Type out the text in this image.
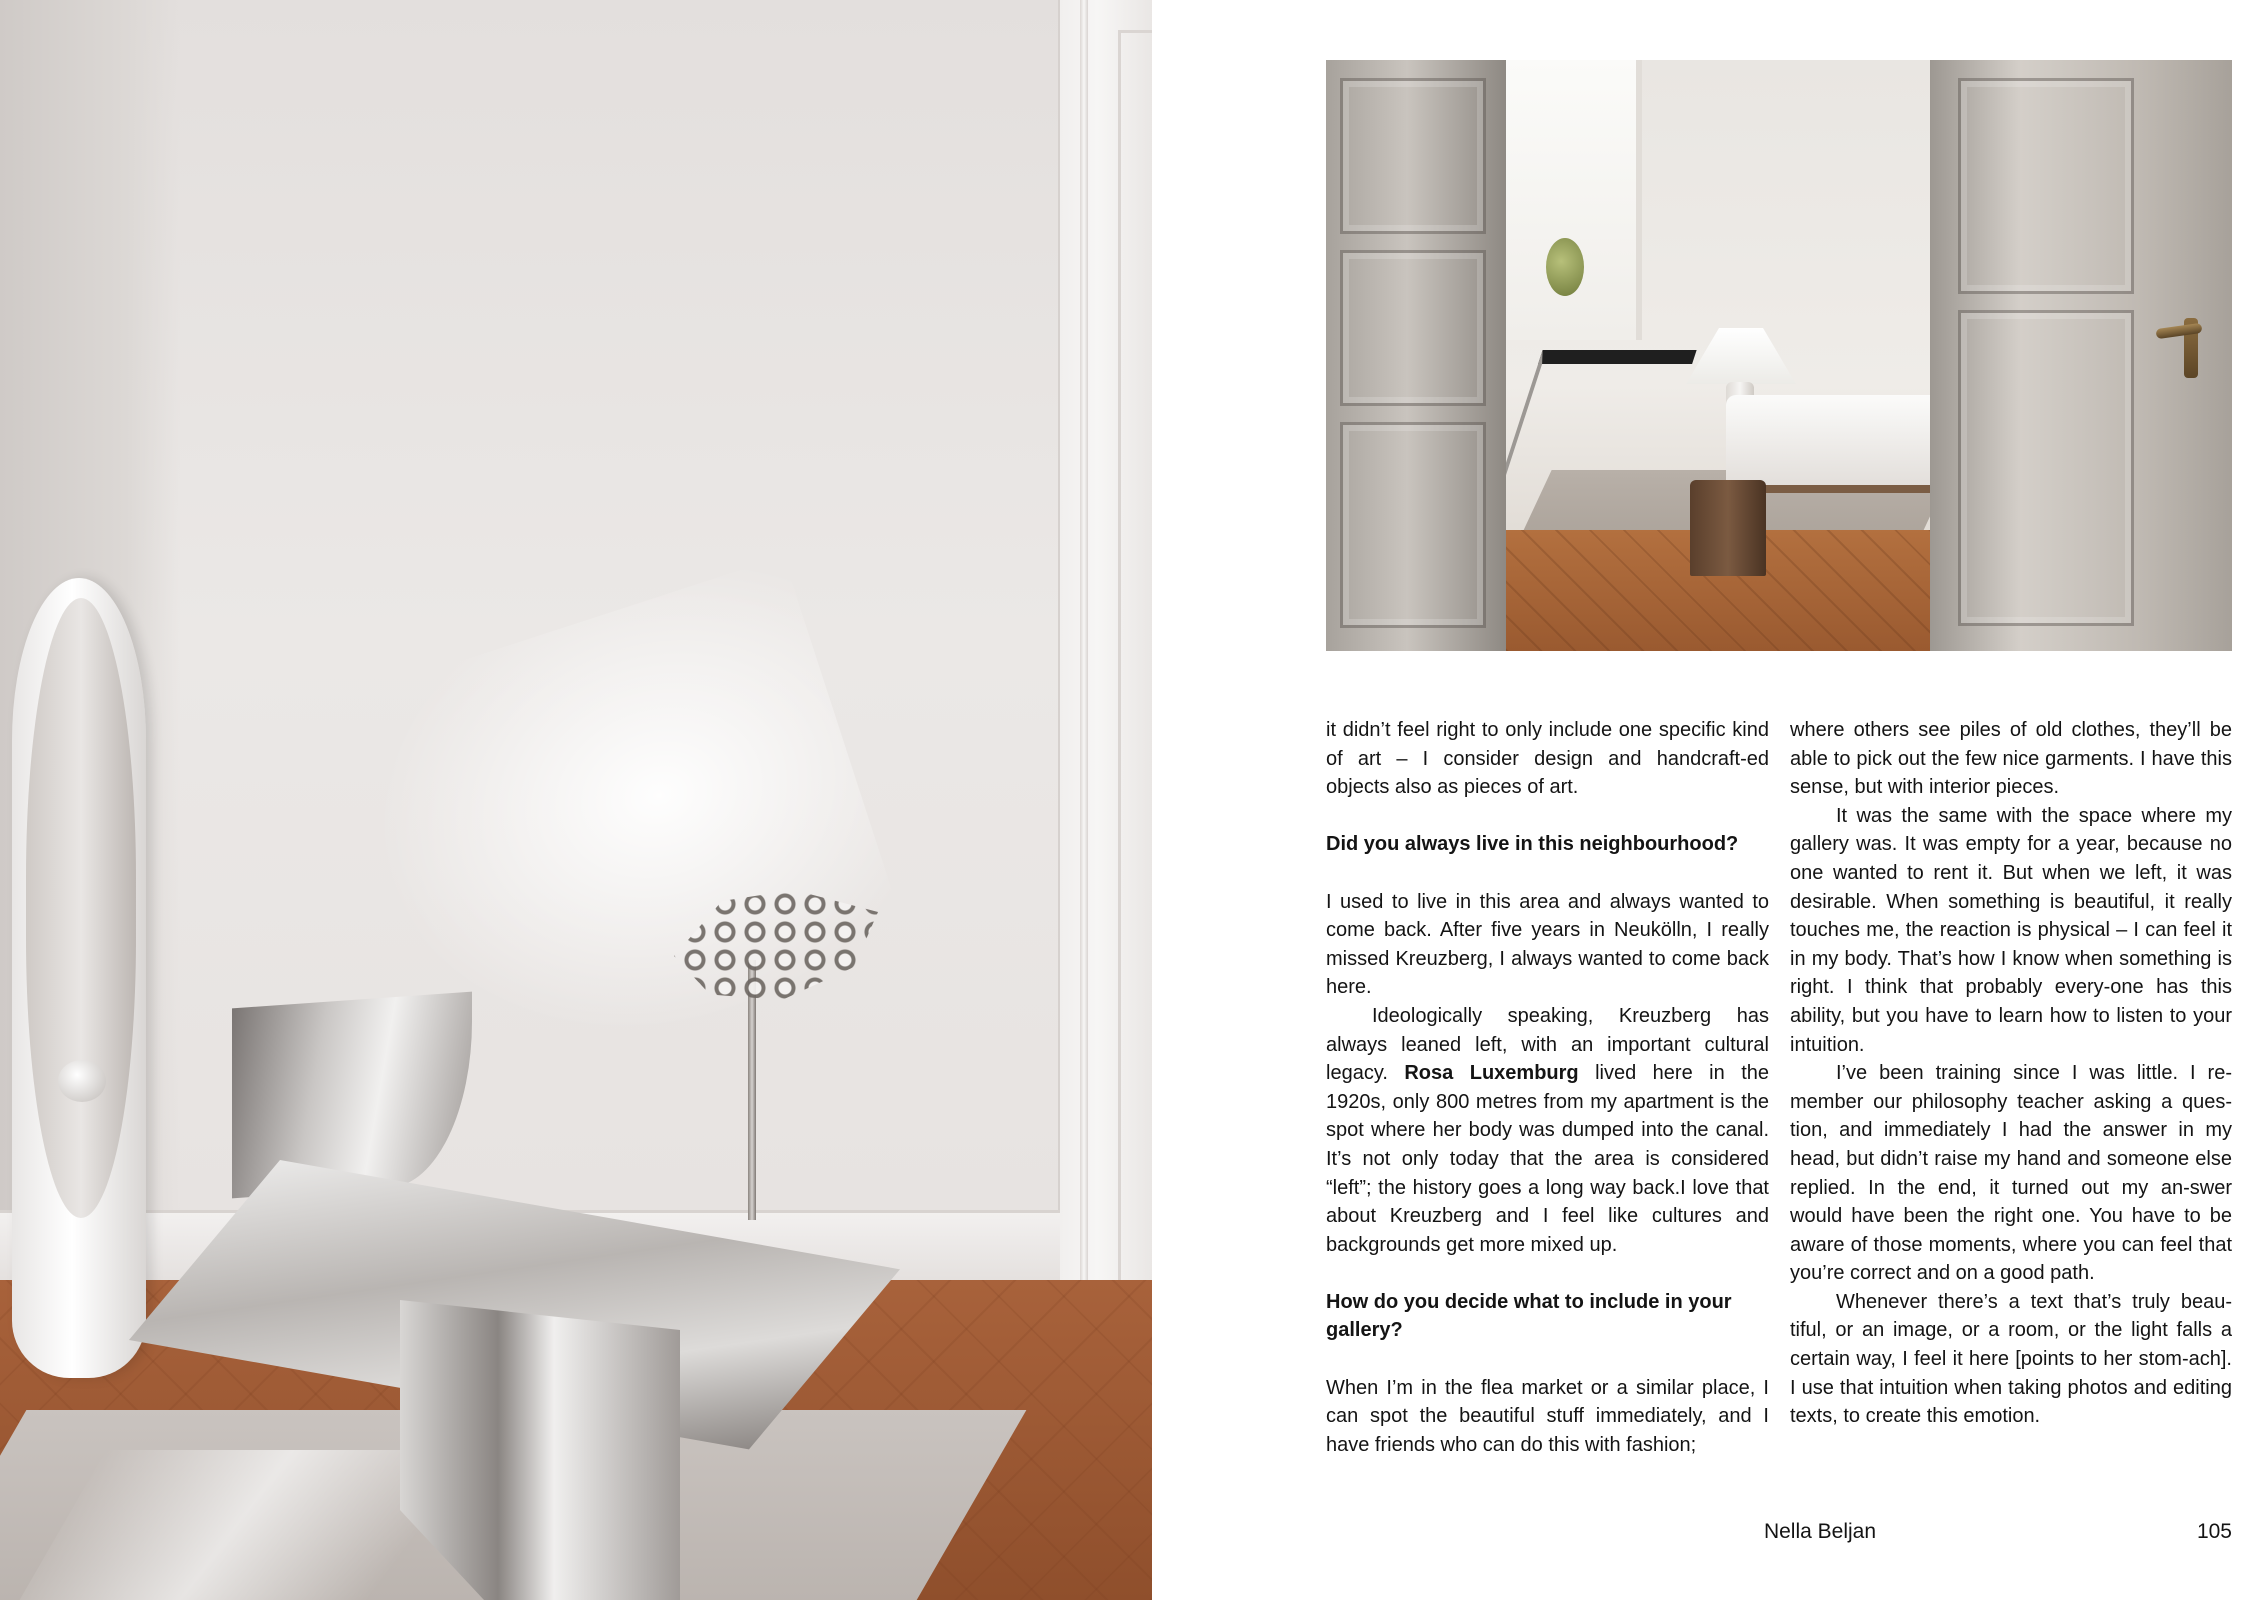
it didn’t feel right to only include one specific kind of art – I consider design and handcraft-ed objects also as pieces of art.

Did you always live in this neighbourhood?

I used to live in this area and always wanted to come back. After five years in Neukölln, I really missed Kreuzberg, I always wanted to come back here.

Ideologically speaking, Kreuzberg has always leaned left, with an important cultural legacy. Rosa Luxemburg lived here in the 1920s, only 800 metres from my apartment is the spot where her body was dumped into the canal. It’s not only today that the area is considered “left”; the history goes a long way back.I love that about Kreuzberg and I feel like cultures and backgrounds get more mixed up.

How do you decide what to include in your gallery?

When I’m in the flea market or a similar place, I can spot the beautiful stuff immediately, and I have friends who can do this with fashion;

where others see piles of old clothes, they’ll be able to pick out the few nice garments. I have this sense, but with interior pieces.

It was the same with the space where my gallery was. It was empty for a year, because no one wanted to rent it. But when we left, it was desirable. When something is beautiful, it really touches me, the reaction is physical – I can feel it in my body. That’s how I know when something is right. I think that probably every-one has this ability, but you have to learn how to listen to your intuition.

I’ve been training since I was little. I re-member our philosophy teacher asking a ques-tion, and immediately I had the answer in my head, but didn’t raise my hand and someone else replied. In the end, it turned out my an-swer would have been the right one. You have to be aware of those moments, where you can feel that you’re correct and on a good path.

Whenever there’s a text that’s truly beau-tiful, or an image, or a room, or the light falls a certain way, I feel it here [points to her stom-ach]. I use that intuition when taking photos and editing texts, to create this emotion.

Nella Beljan	105
